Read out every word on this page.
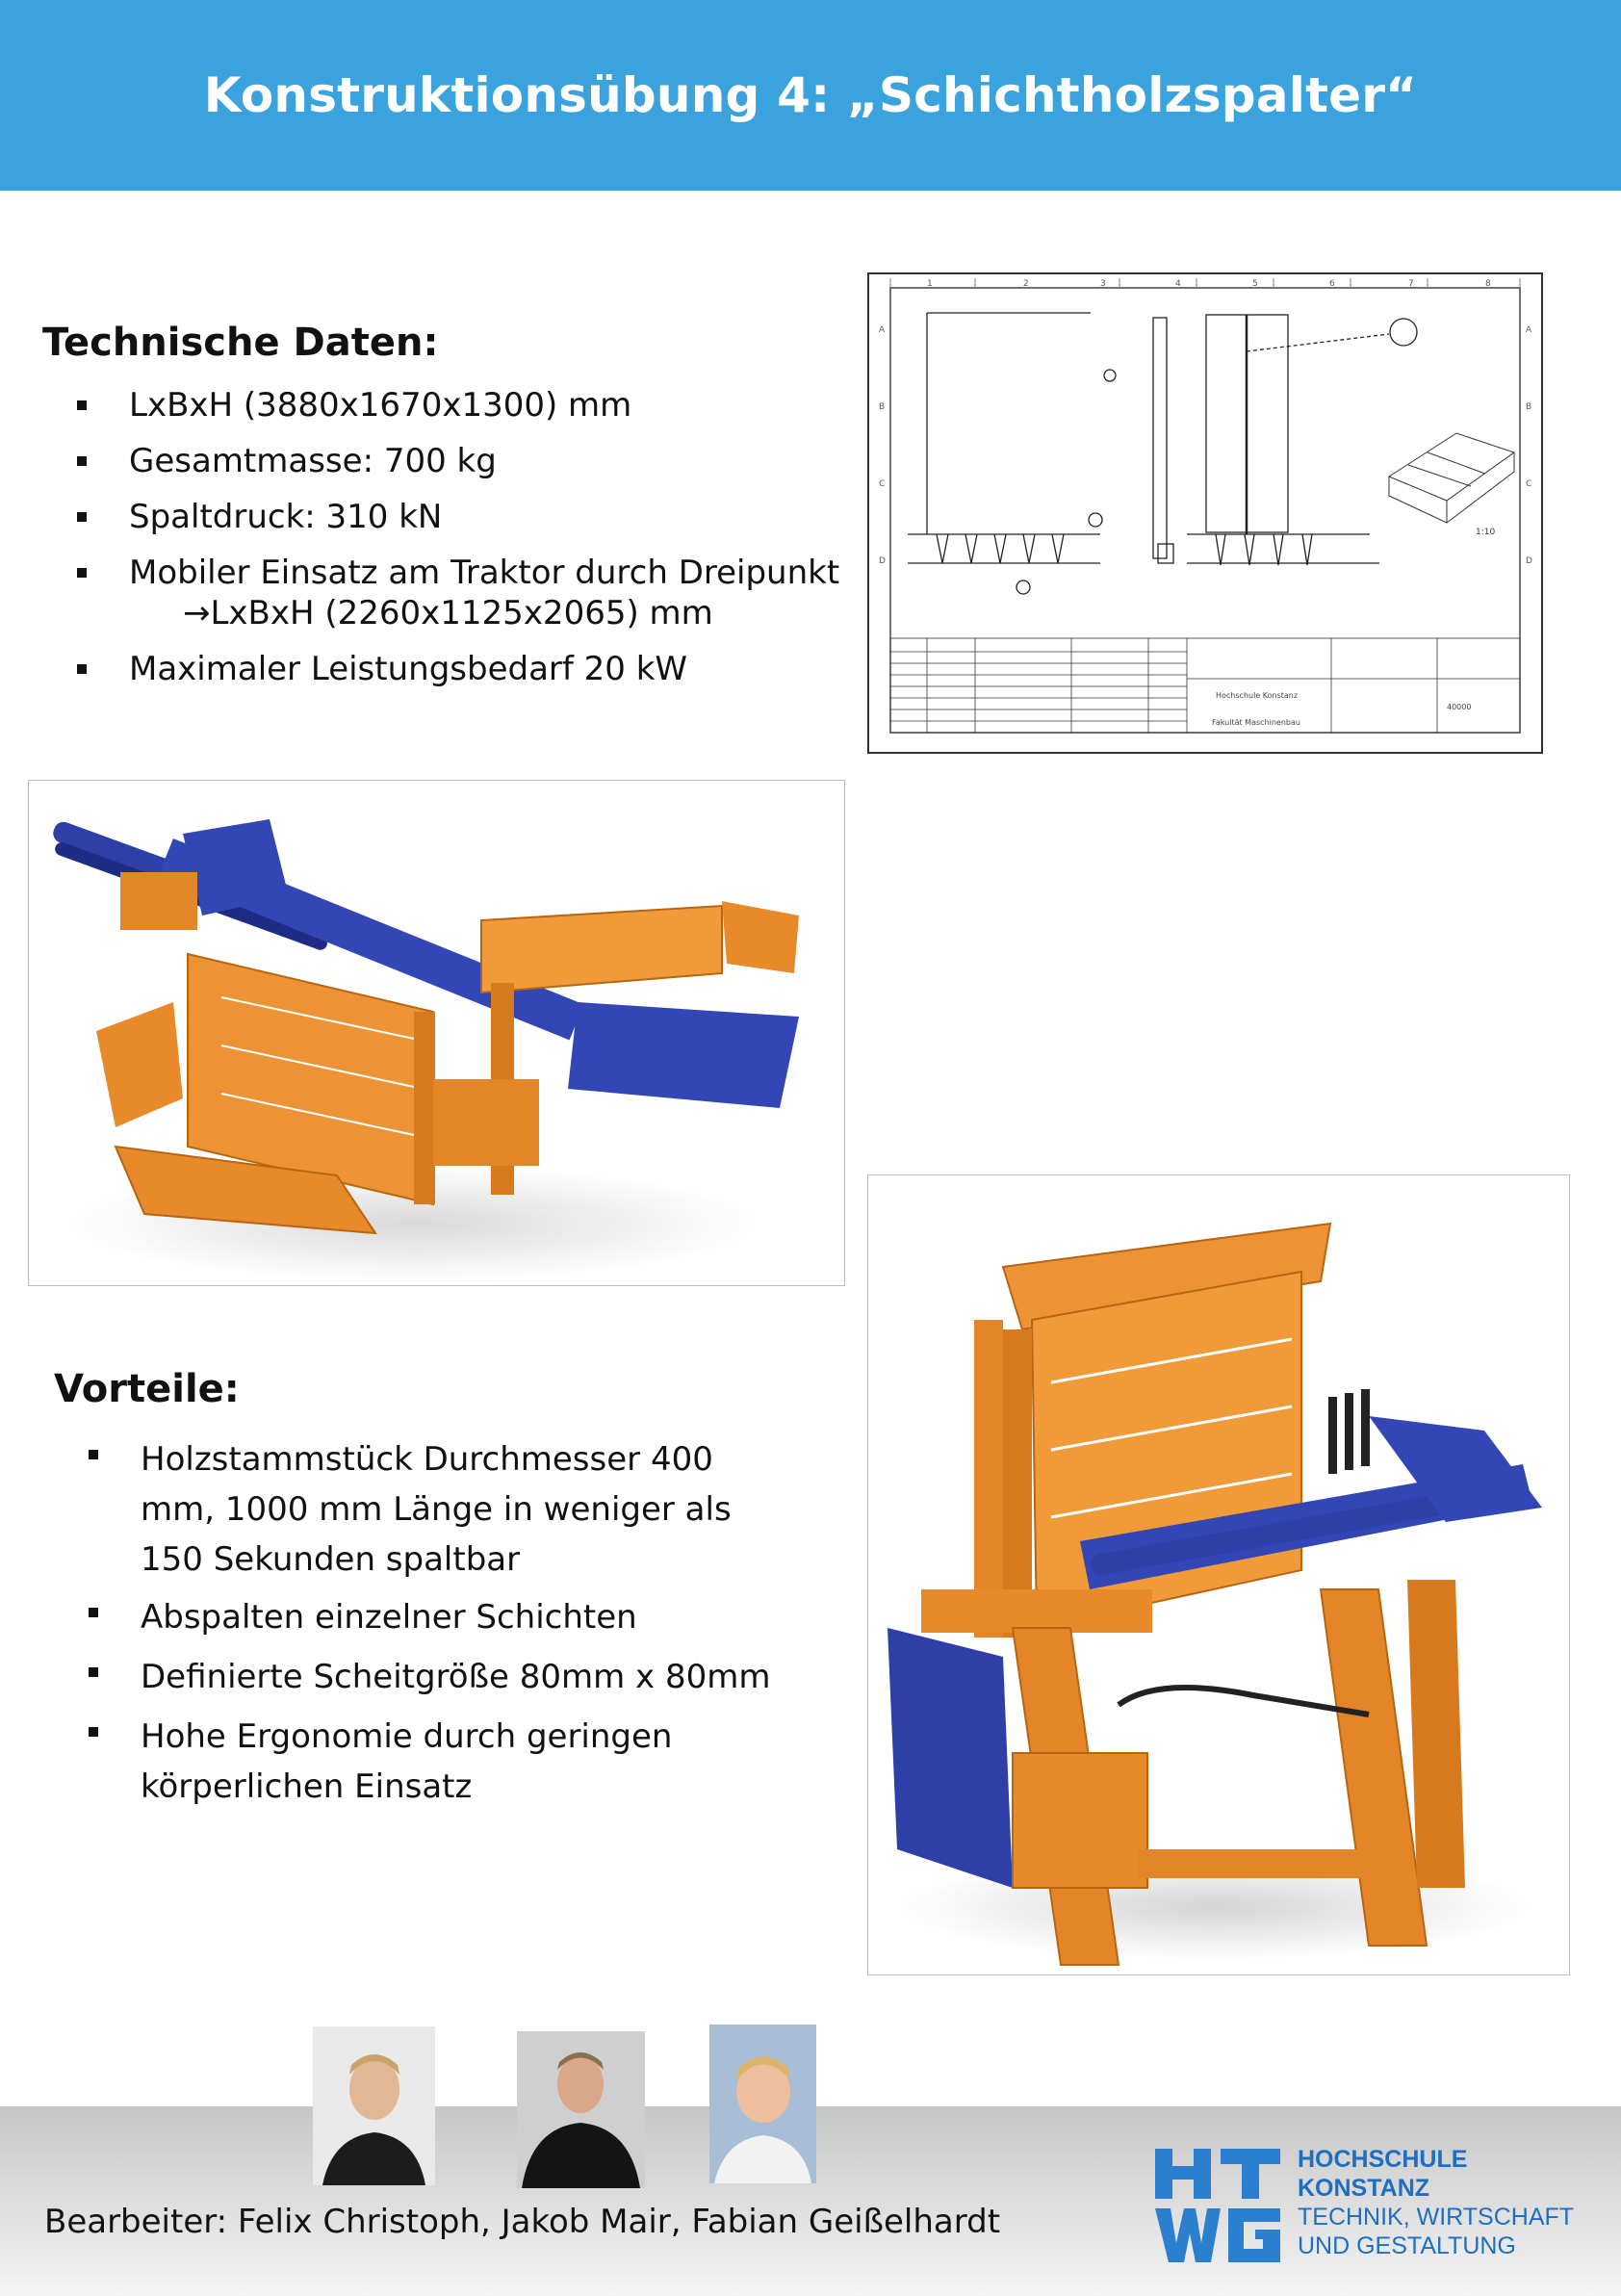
Konstruktionsübung 4: „Schichtholzspalter“
Technische Daten:
LxBxH (3880x1670x1300) mm
Gesamtmasse: 700 kg
Spaltdruck: 310 kN
Mobiler Einsatz am Traktor durch Dreipunkt
→LxBxH (2260x1125x2065) mm
Maximaler Leistungsbedarf 20 kW
1	2	3	4	5	6	7	8
A
B
C
D
A
B
C
D
1:10
Hochschule Konstanz
Fakultät Maschinenbau
40000
Vorteile:
Holzstammstück Durchmesser 400 mm, 1000 mm Länge in weniger als 150 Sekunden spaltbar
Abspalten einzelner Schichten
Definierte Scheitgröße 80mm x 80mm
Hohe Ergonomie durch geringen körperlichen Einsatz

Bearbeiter: Felix Christoph, Jakob Mair, Fabian Geißelhardt

HOCHSCHULE
KONSTANZ
TECHNIK, WIRTSCHAFT
UND GESTALTUNG
